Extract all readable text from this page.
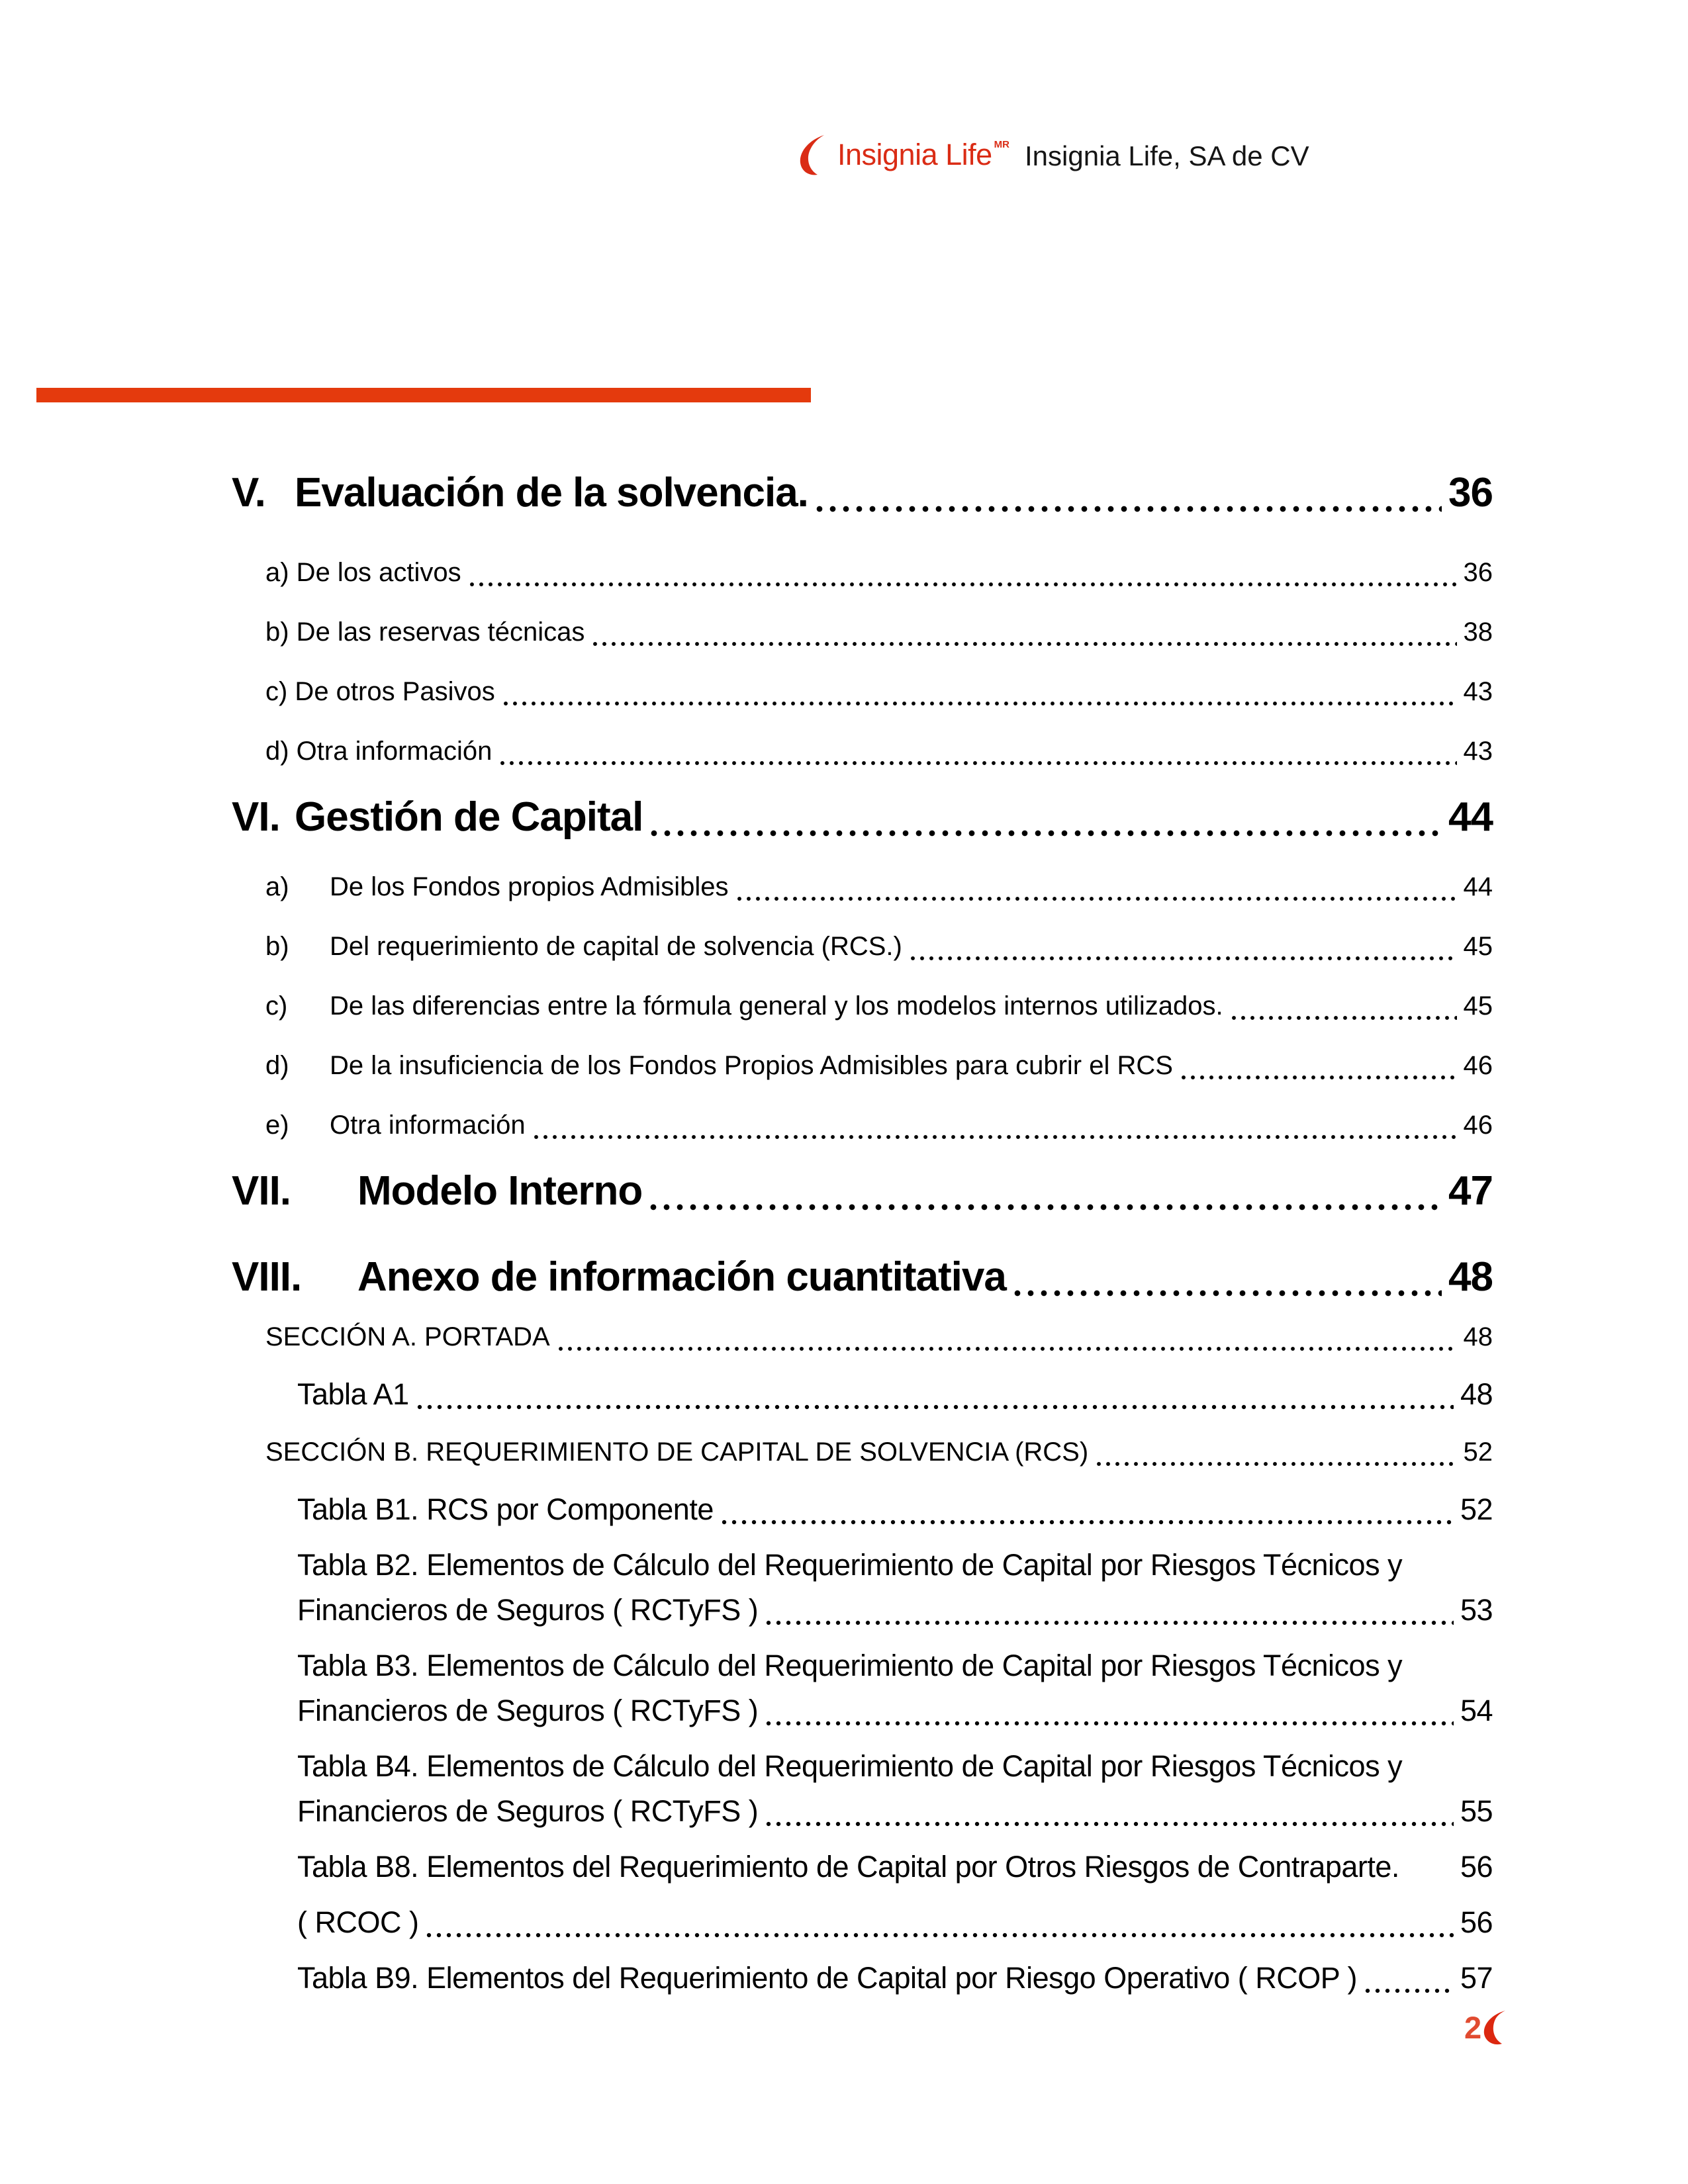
Insignia Life MR Insignia Life, SA de CV
V. Evaluación de la solvencia.	36
a) De los activos	36
b) De las reservas técnicas	38
c) De otros Pasivos	43
d) Otra información	43
VI. Gestión de Capital	44
a)	De los Fondos propios Admisibles	44
b)	Del requerimiento de capital de solvencia (RCS.)	45
c)	De las diferencias entre la fórmula general y los modelos internos utilizados.	45
d)	De la insuficiencia de los Fondos Propios Admisibles para cubrir el RCS	46
e)	Otra información	46
VII.	Modelo Interno	47
VIII.	Anexo de información cuantitativa	48
SECCIÓN A. PORTADA	48
Tabla A1	48
SECCIÓN B. REQUERIMIENTO DE CAPITAL DE SOLVENCIA (RCS)	52
Tabla B1. RCS por Componente	52
Tabla B2. Elementos de Cálculo del Requerimiento de Capital por Riesgos Técnicos y
Financieros de Seguros ( RCTyFS )	53
Tabla B3. Elementos de Cálculo del Requerimiento de Capital por Riesgos Técnicos y
Financieros de Seguros ( RCTyFS )	54
Tabla B4. Elementos de Cálculo del Requerimiento de Capital por Riesgos Técnicos y
Financieros de Seguros ( RCTyFS )	55
Tabla B8. Elementos del Requerimiento de Capital por Otros Riesgos de Contraparte. 56
( RCOC )	56
Tabla B9. Elementos del Requerimiento de Capital por Riesgo Operativo ( RCOP )	57
2
